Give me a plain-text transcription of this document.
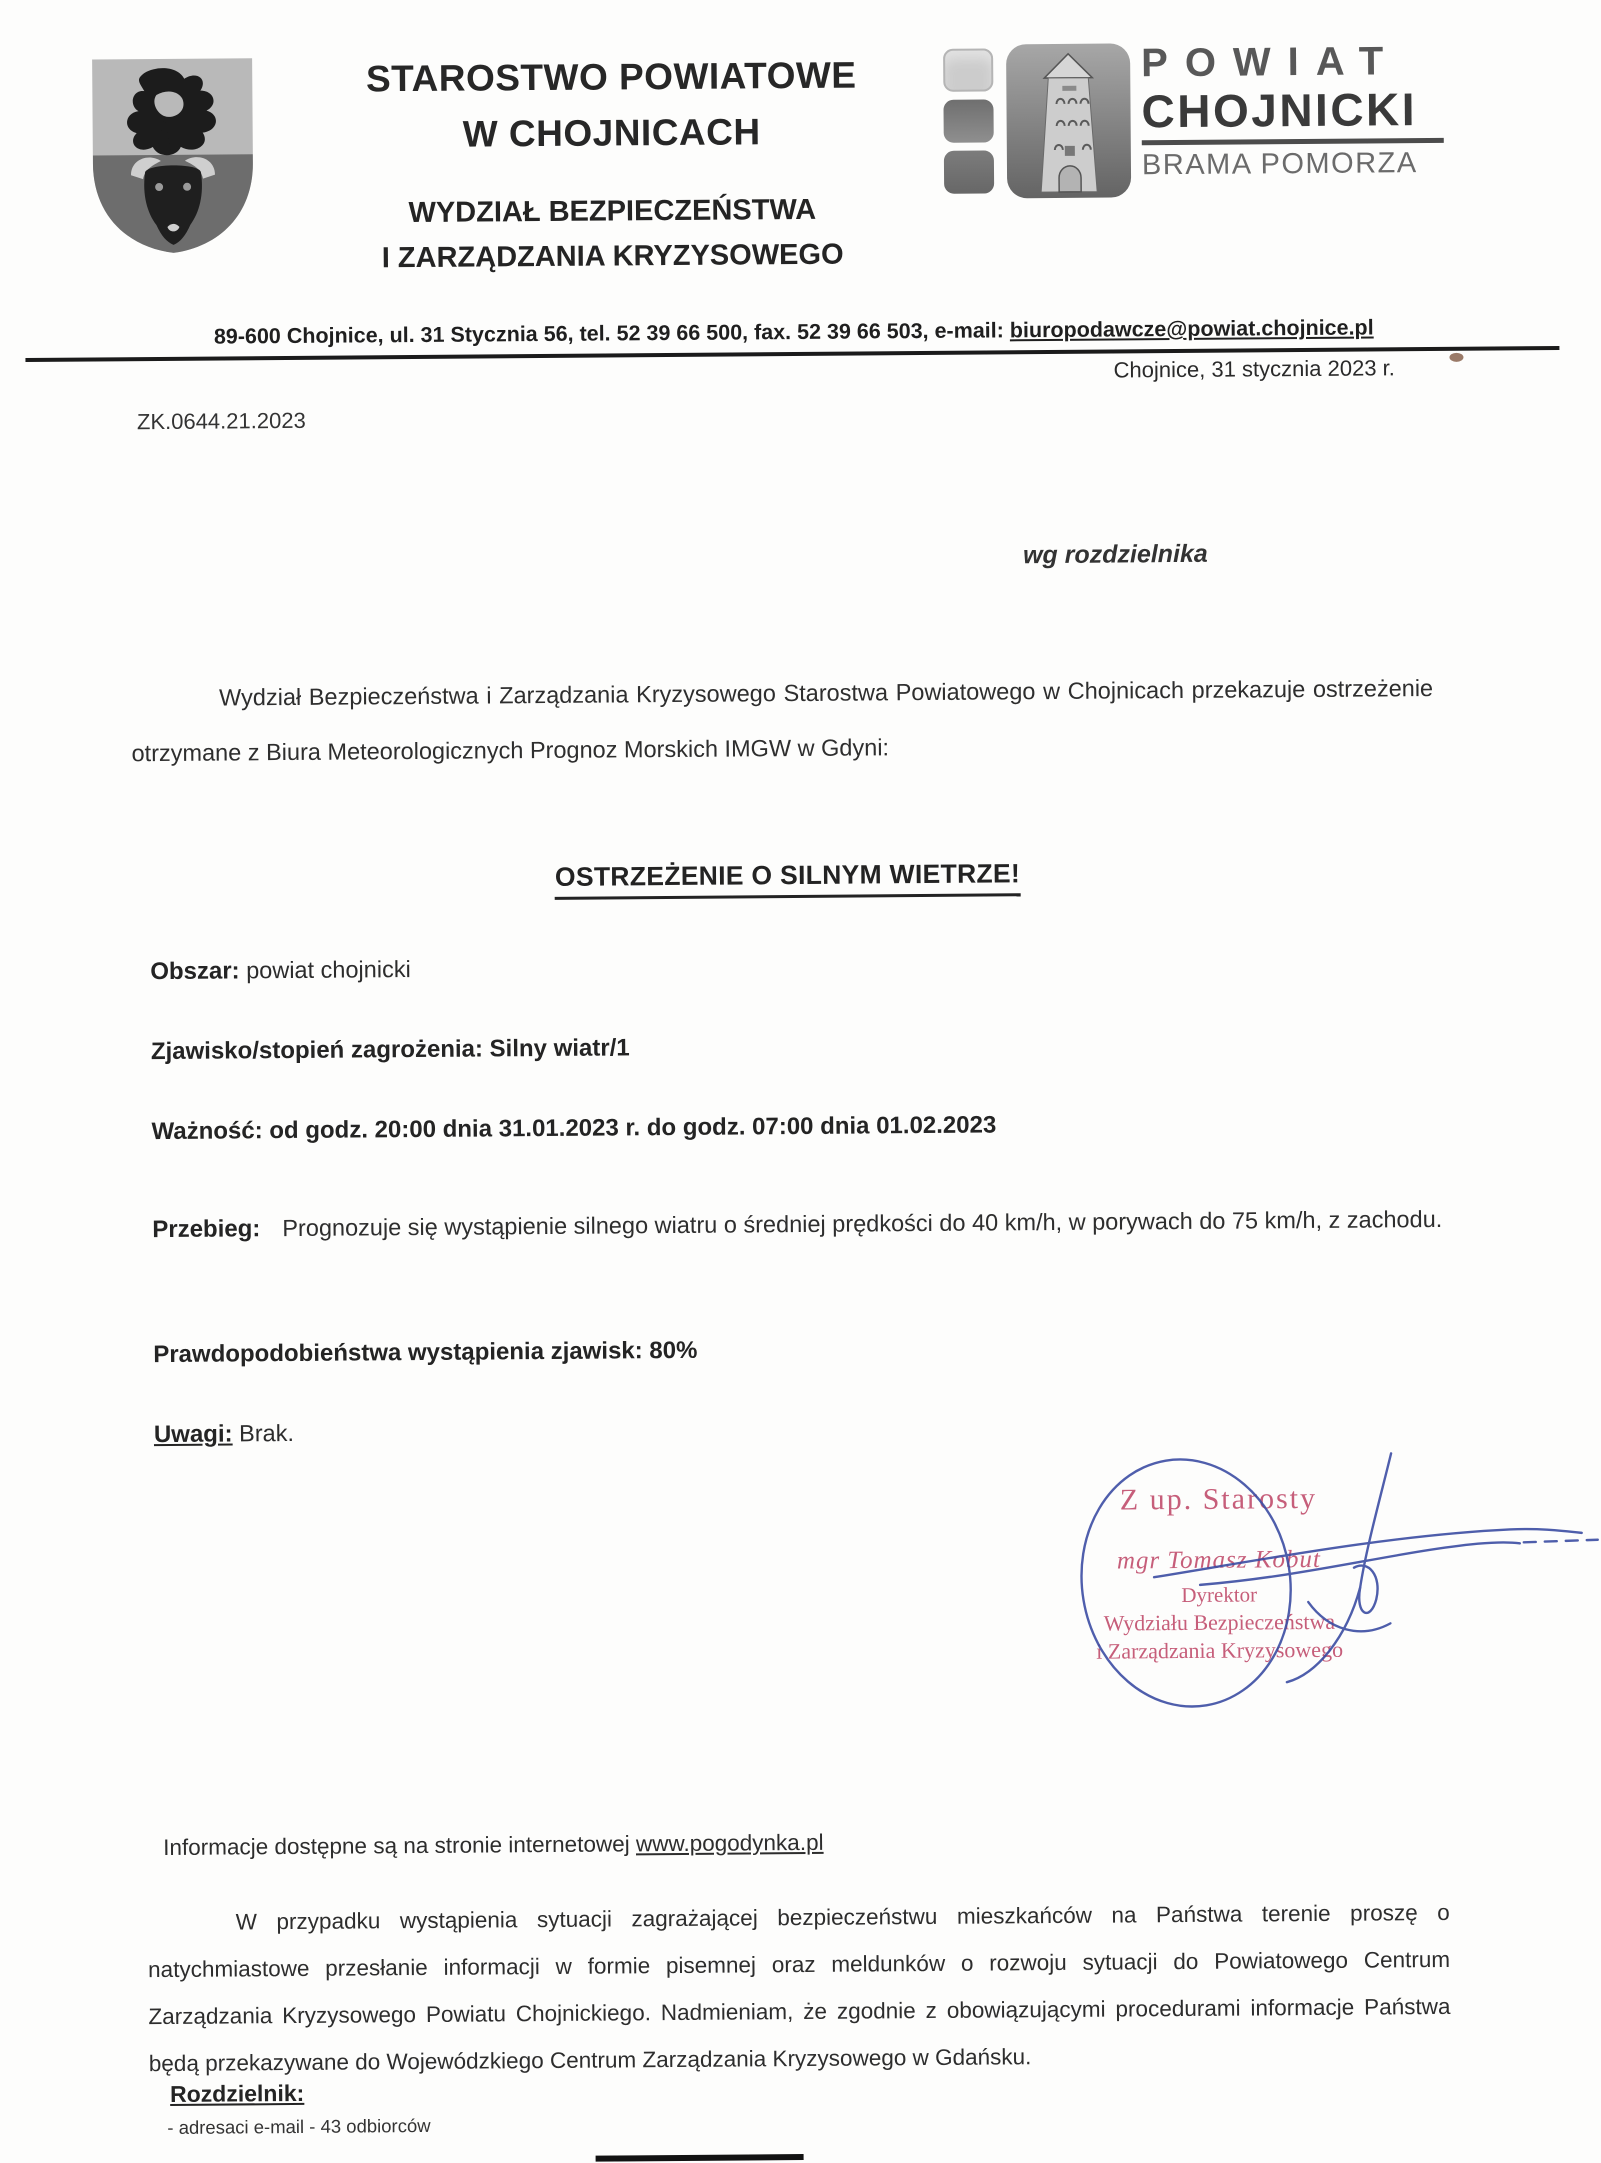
STAROSTWO POWIATOWE
W CHOJNICACH
WYDZIAŁ BEZPIECZEŃSTWA
I ZARZĄDZANIA KRYZYSOWEGO
POWIAT
CHOJNICKI
BRAMA POMORZA
89-600 Chojnice, ul. 31 Stycznia 56, tel. 52 39 66 500, fax. 52 39 66 503, e-mail: biuropodawcze@powiat.chojnice.pl
Chojnice, 31 stycznia 2023 r.
ZK.0644.21.2023
wg rozdzielnika
Wydział Bezpieczeństwa i Zarządzania Kryzysowego Starostwa Powiatowego w Chojnicach przekazuje ostrzeżenie otrzymane z Biura Meteorologicznych Prognoz Morskich IMGW w Gdyni:
OSTRZEŻENIE O SILNYM WIETRZE!
Obszar: powiat chojnicki
Zjawisko/stopień zagrożenia: Silny wiatr/1
Ważność: od godz. 20:00 dnia 31.01.2023 r. do godz. 07:00 dnia 01.02.2023
Przebieg: Prognozuje się wystąpienie silnego wiatru o średniej prędkości do 40 km/h, w porywach do 75 km/h, z zachodu.
Prawdopodobieństwa wystąpienia zjawisk: 80%
Uwagi: Brak.
Z up. Starosty
mgr Tomasz Kobut
Dyrektor
Wydziału Bezpieczeństwa
i Zarządzania Kryzysowego
Informacje dostępne są na stronie internetowej www.pogodynka.pl
W przypadku wystąpienia sytuacji zagrażającej bezpieczeństwu mieszkańców na Państwa terenie proszę o natychmiastowe przesłanie informacji w formie pisemnej oraz meldunków o rozwoju sytuacji do Powiatowego Centrum Zarządzania Kryzysowego Powiatu Chojnickiego. Nadmieniam, że zgodnie z obowiązującymi procedurami informacje Państwa będą przekazywane do Wojewódzkiego Centrum Zarządzania Kryzysowego w Gdańsku.
Rozdzielnik:
- adresaci e-mail - 43 odbiorców
